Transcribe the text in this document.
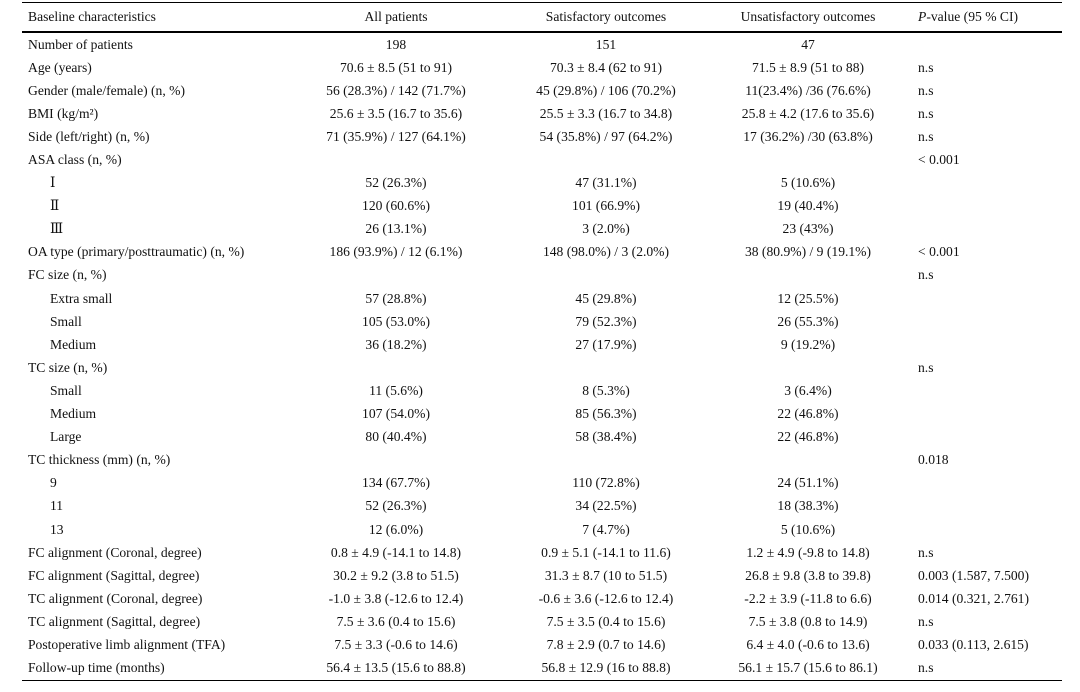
Baseline characteristics	All patients	Satisfactory outcomes	Unsatisfactory outcomes	P-value (95 % CI)
Number of patients	198	151	47	
Age (years)	70.6 ± 8.5 (51 to 91)	70.3 ± 8.4 (62 to 91)	71.5 ± 8.9 (51 to 88)	n.s
Gender (male/female) (n, %)	56 (28.3%) / 142 (71.7%)	45 (29.8%) / 106 (70.2%)	11(23.4%) /36 (76.6%)	n.s
BMI (kg/m²)	25.6 ± 3.5 (16.7 to 35.6)	25.5 ± 3.3 (16.7 to 34.8)	25.8 ± 4.2 (17.6 to 35.6)	n.s
Side (left/right) (n, %)	71 (35.9%) / 127 (64.1%)	54 (35.8%) / 97 (64.2%)	17 (36.2%) /30 (63.8%)	n.s
ASA class (n, %)				< 0.001
Ⅰ	52 (26.3%)	47 (31.1%)	5 (10.6%)	
Ⅱ	120 (60.6%)	101 (66.9%)	19 (40.4%)	
Ⅲ	26 (13.1%)	3 (2.0%)	23 (43%)	
OA type (primary/posttraumatic) (n, %)	186 (93.9%) / 12 (6.1%)	148 (98.0%) / 3 (2.0%)	38 (80.9%) / 9 (19.1%)	< 0.001
FC size (n, %)				n.s
Extra small	57 (28.8%)	45 (29.8%)	12 (25.5%)	
Small	105 (53.0%)	79 (52.3%)	26 (55.3%)	
Medium	36 (18.2%)	27 (17.9%)	9 (19.2%)	
TC size (n, %)				n.s
Small	11 (5.6%)	8 (5.3%)	3 (6.4%)	
Medium	107 (54.0%)	85 (56.3%)	22 (46.8%)	
Large	80 (40.4%)	58 (38.4%)	22 (46.8%)	
TC thickness (mm) (n, %)				0.018
9	134 (67.7%)	110 (72.8%)	24 (51.1%)	
11	52 (26.3%)	34 (22.5%)	18 (38.3%)	
13	12 (6.0%)	7 (4.7%)	5 (10.6%)	
FC alignment (Coronal, degree)	0.8 ± 4.9 (-14.1 to 14.8)	0.9 ± 5.1 (-14.1 to 11.6)	1.2 ± 4.9 (-9.8 to 14.8)	n.s
FC alignment (Sagittal, degree)	30.2 ± 9.2 (3.8 to 51.5)	31.3 ± 8.7 (10 to 51.5)	26.8 ± 9.8 (3.8 to 39.8)	0.003 (1.587, 7.500)
TC alignment (Coronal, degree)	-1.0 ± 3.8 (-12.6 to 12.4)	-0.6 ± 3.6 (-12.6 to 12.4)	-2.2 ± 3.9 (-11.8 to 6.6)	0.014 (0.321, 2.761)
TC alignment (Sagittal, degree)	7.5 ± 3.6 (0.4 to 15.6)	7.5 ± 3.5 (0.4 to 15.6)	7.5 ± 3.8 (0.8 to 14.9)	n.s
Postoperative limb alignment (TFA)	7.5 ± 3.3 (-0.6 to 14.6)	7.8 ± 2.9 (0.7 to 14.6)	6.4 ± 4.0 (-0.6 to 13.6)	0.033 (0.113, 2.615)
Follow-up time (months)	56.4 ± 13.5 (15.6 to 88.8)	56.8 ± 12.9 (16 to 88.8)	56.1 ± 15.7 (15.6 to 86.1)	n.s
